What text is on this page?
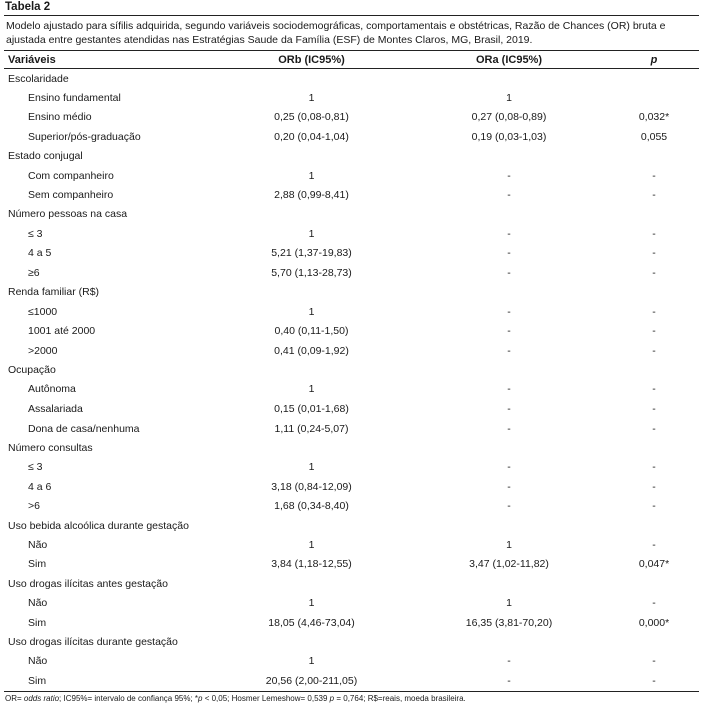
Tabela 2
Modelo ajustado para sífilis adquirida, segundo variáveis sociodemográficas, comportamentais e obstétricas, Razão de Chances (OR) bruta e ajustada entre gestantes atendidas nas Estratégias Saude da Família (ESF) de Montes Claros, MG, Brasil, 2019.
Variáveis	ORb (IC95%)	ORa (IC95%)	p
Escolaridade			
Ensino fundamental	1	1	
Ensino médio	0,25 (0,08-0,81)	0,27 (0,08-0,89)	0,032*
Superior/pós-graduação	0,20 (0,04-1,04)	0,19 (0,03-1,03)	0,055
Estado conjugal			
Com companheiro	1	-	-
Sem companheiro	2,88 (0,99-8,41)	-	-
Número pessoas na casa			
≤ 3	1	-	-
4 a 5	5,21 (1,37-19,83)	-	-
≥6	5,70 (1,13-28,73)	-	-
Renda familiar (R$)			
≤1000	1	-	-
1001 até 2000	0,40 (0,11-1,50)	-	-
>2000	0,41 (0,09-1,92)	-	-
Ocupação			
Autônoma	1	-	-
Assalariada	0,15 (0,01-1,68)	-	-
Dona de casa/nenhuma	1,11 (0,24-5,07)	-	-
Número consultas			
≤ 3	1	-	-
4 a 6	3,18 (0,84-12,09)	-	-
>6	1,68 (0,34-8,40)	-	-
Uso bebida alcoólica durante gestação			
Não	1	1	-
Sim	3,84 (1,18-12,55)	3,47 (1,02-11,82)	0,047*
Uso drogas ilícitas antes gestação			
Não	1	1	-
Sim	18,05 (4,46-73,04)	16,35 (3,81-70,20)	0,000*
Uso drogas ilícitas durante gestação			
Não	1	-	-
Sim	20,56 (2,00-211,05)	-	-
OR= odds ratio; IC95%= intervalo de confiança 95%; *p < 0,05; Hosmer Lemeshow= 0,539 p = 0,764; R$=reais, moeda brasileira.
